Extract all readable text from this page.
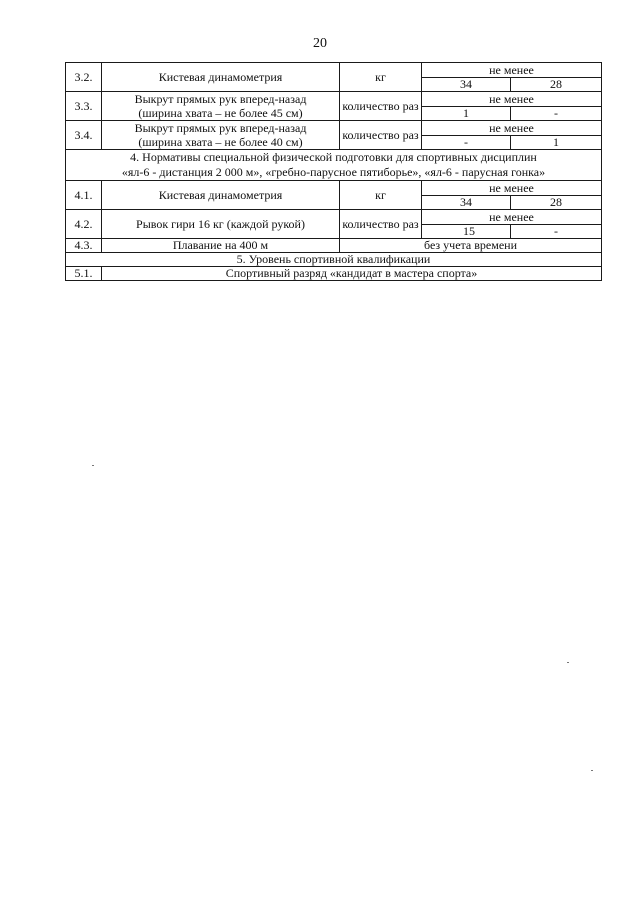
20
3.2.	Кистевая динамометрия	кг	не менее	
			34	28
3.3.	Выкрут прямых рук вперед-назад
(ширина хвата – не более 45 см)	количество раз	не менее	
			1	-
3.4.	Выкрут прямых рук вперед-назад
(ширина хвата – не более 40 см)	количество раз	не менее	
			-	1

4. Нормативы специальной физической подготовки для спортивных дисциплин
«ял-6 - дистанция 2 000 м», «гребно-парусное пятиборье», «ял-6 - парусная гонка»				

4.1.	Кистевая динамометрия	кг	не менее	
			34	28
4.2.	Рывок гири 16 кг (каждой рукой)	количество раз	не менее	
			15	-
4.3.	Плавание на 400 м	без учета времени		
5. Уровень спортивной квалификации				
5.1.	Спортивный разряд «кандидат в мастера спорта»			
